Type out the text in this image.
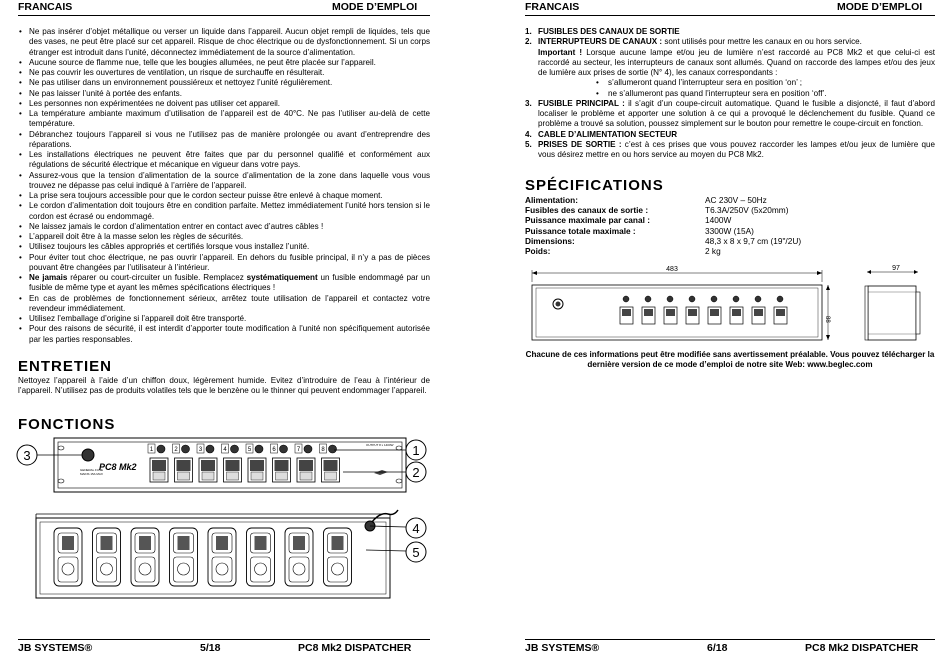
FRANCAIS	MODE D’EMPLOI
• Ne pas insérer d’objet métallique ou verser un liquide dans l’appareil. Aucun objet rempli de liquides, tels que des vases, ne peut être placé sur cet appareil. Risque de choc électrique ou de dysfonctionnement. Si un corps étranger est introduit dans l’unité, déconnectez immédiatement de la source d’alimentation.
• Aucune source de flamme nue, telle que les bougies allumées, ne peut être placée sur l’appareil.
• Ne pas couvrir les ouvertures de ventilation, un risque de surchauffe en résulterait.
• Ne pas utiliser dans un environnement poussiéreux et nettoyez l’unité régulièrement.
• Ne pas laisser l’unité à portée des enfants.
• Les personnes non expérimentées ne doivent pas utiliser cet appareil.
• La température ambiante maximum d’utilisation de l’appareil est de 40°C. Ne pas l’utiliser au-delà de cette température.
• Débranchez toujours l’appareil si vous ne l’utilisez pas de manière prolongée ou avant d’entreprendre des réparations.
• Les installations électriques ne peuvent être faites que par du personnel qualifié et conformément aux régulations de sécurité électrique et mécanique en vigueur dans votre pays.
• Assurez-vous que la tension d’alimentation de la source d’alimentation de la zone dans laquelle vous vous trouvez ne dépasse pas celui indiqué à l’arrière de l’appareil.
• La prise sera toujours accessible pour que le cordon secteur puisse être enlevé à chaque moment.
• Le cordon d’alimentation doit toujours être en condition parfaite. Mettez immédiatement l’unité hors tension si le cordon est écrasé ou endommagé.
• Ne laissez jamais le cordon d’alimentation entrer en contact avec d’autres câbles !
• L’appareil doit être à la masse selon les règles de sécurités.
• Utilisez toujours les câbles appropriés et certifiés lorsque vous installez l’unité.
• Pour éviter tout choc électrique, ne pas ouvrir l’appareil. En dehors du fusible principal, il n’y a pas de pièces pouvant être changées par l’utilisateur à l’intérieur.
• Ne jamais réparer ou court-circuiter un fusible. Remplacez systématiquement un fusible endommagé par un fusible de même type et ayant les mêmes spécifications électriques !
• En cas de problèmes de fonctionnement sérieux, arrêtez toute utilisation de l’appareil et contactez votre revendeur immédiatement.
• Utilisez l’emballage d’origine si l’appareil doit être transporté.
• Pour des raisons de sécurité, il est interdit d’apporter toute modification à l’unité non spécifiquement autorisée par les parties responsables.
ENTRETIEN
Nettoyez l’appareil à l’aide d’un chiffon doux, légèrement humide. Evitez d’introduire de l’eau à l’intérieur de l’appareil. N’utilisez pas de produits volatiles tels que le benzène ou le thinner qui peuvent endommager l’appareil.
FONCTIONS
GENERAL FUSE
MAINS 15A MAX
PC8 Mk2
1	2	3	4	5	6	7	8
OUTPUT 8 x 1400W
3	1
2
4
5
JB SYSTEMS®	5/18	PC8 Mk2 DISPATCHER
FRANCAIS	MODE D’EMPLOI
1. FUSIBLES DES CANAUX DE SORTIE
2. INTERRUPTEURS DE CANAUX : sont utilisés pour mettre les canaux en ou hors service.
Important ! Lorsque aucune lampe et/ou jeu de lumière n’est raccordé au PC8 Mk2 et que celui-ci est raccordé au secteur, les interrupteurs de canaux sont allumés. Quand on raccorde des lampes et/ou des jeux de lumière aux prises de sortie (N° 4), les canaux correspondants :
• s’allumeront quand l’interrupteur sera en position ‘on’ ;
• ne s’allumeront pas quand l’interrupteur sera en position ‘off’.
3. FUSIBLE PRINCIPAL : il s’agit d’un coupe-circuit automatique. Quand le fusible a disjoncté, il faut d’abord localiser le problème et apporter une solution à ce qui a provoqué le déclenchement du fusible. Quand ce problème a trouvé sa solution, poussez simplement sur le bouton pour remettre le coupe-circuit en fonction.
4. CABLE D’ALIMENTATION SECTEUR
5. PRISES DE SORTIE : c’est à ces prises que vous pouvez raccorder les lampes et/ou jeux de lumière que vous désirez mettre en ou hors service au moyen du PC8 Mk2.
SPÉCIFICATIONS
Alimentation:	AC 230V – 50Hz
Fusibles des canaux de sortie :	T6.3A/250V (5x20mm)
Puissance maximale par canal :	1400W
Puissance totale maximale :	3300W (15A)
Dimensions:	48,3 x 8 x 9,7 cm (19"/2U)
Poids:	2 kg
483
88
97
Chacune de ces informations peut être modifiée sans avertissement préalable. Vous pouvez télécharger la dernière version de ce mode d’emploi de notre site Web: www.beglec.com
JB SYSTEMS®	6/18	PC8 Mk2 DISPATCHER
